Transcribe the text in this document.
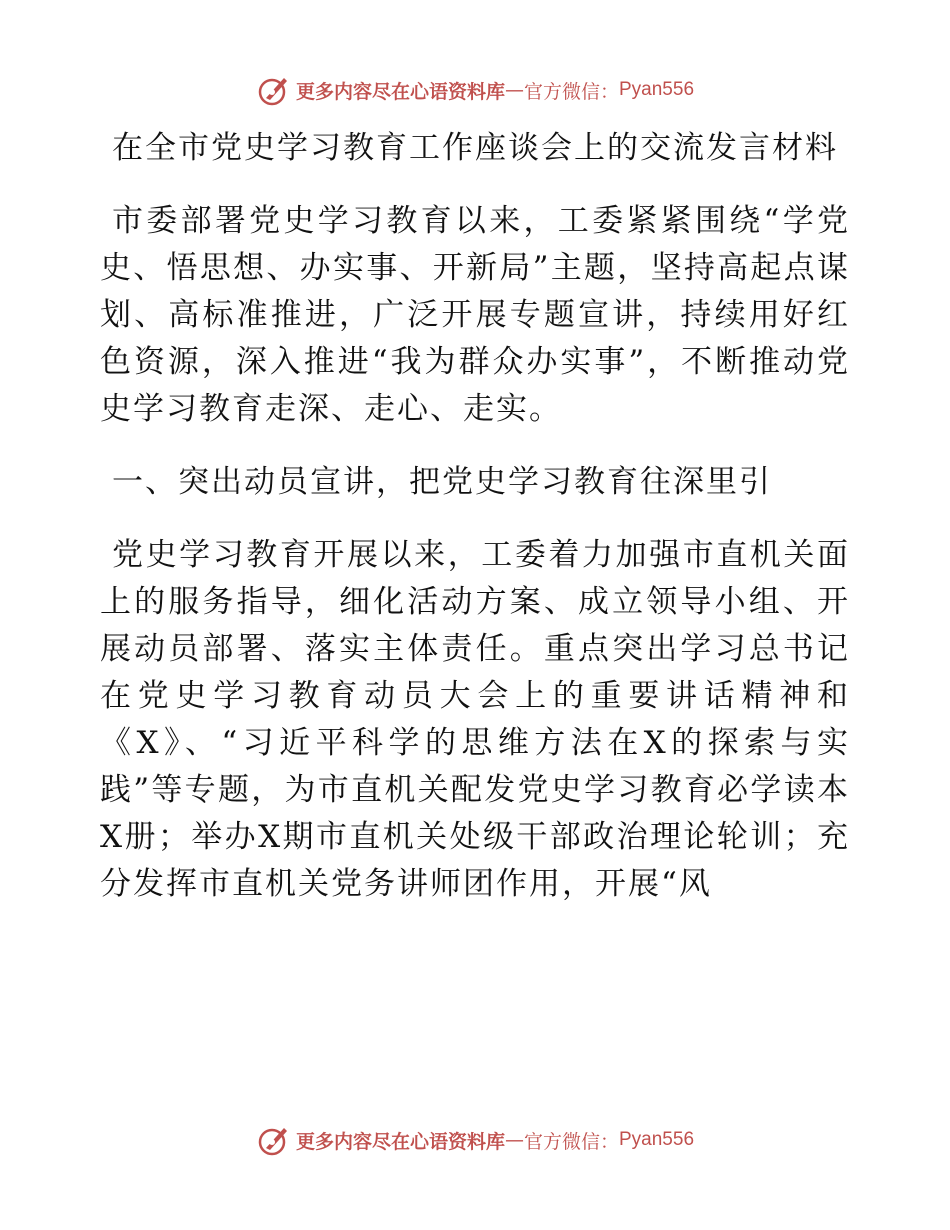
更多内容尽在心语资料库 — 官方微信： Pyan556

在全市党史学习教育工作座谈会上的交流发言材料

市委部署党史学习教育以来，工委紧紧围绕“学党史、悟思想、办实事、开新局”主题，坚持高起点谋划、高标准推进，广泛开展专题宣讲，持续用好红色资源，深入推进“我为群众办实事”，不断推动党史学习教育走深、走心、走实。

一、突出动员宣讲，把党史学习教育往深里引

党史学习教育开展以来，工委着力加强市直机关面上的服务指导，细化活动方案、成立领导小组、开展动员部署、落实主体责任。重点突出学习总书记在党史学习教育动员大会上的重要讲话精神和《X》、“习近平科学的思维方法在X的探索与实践”等专题，为市直机关配发党史学习教育必学读本X册；举办X期市直机关处级干部政治理论轮训；充分发挥市直机关党务讲师团作用，开展“风

更多内容尽在心语资料库 — 官方微信： Pyan556
